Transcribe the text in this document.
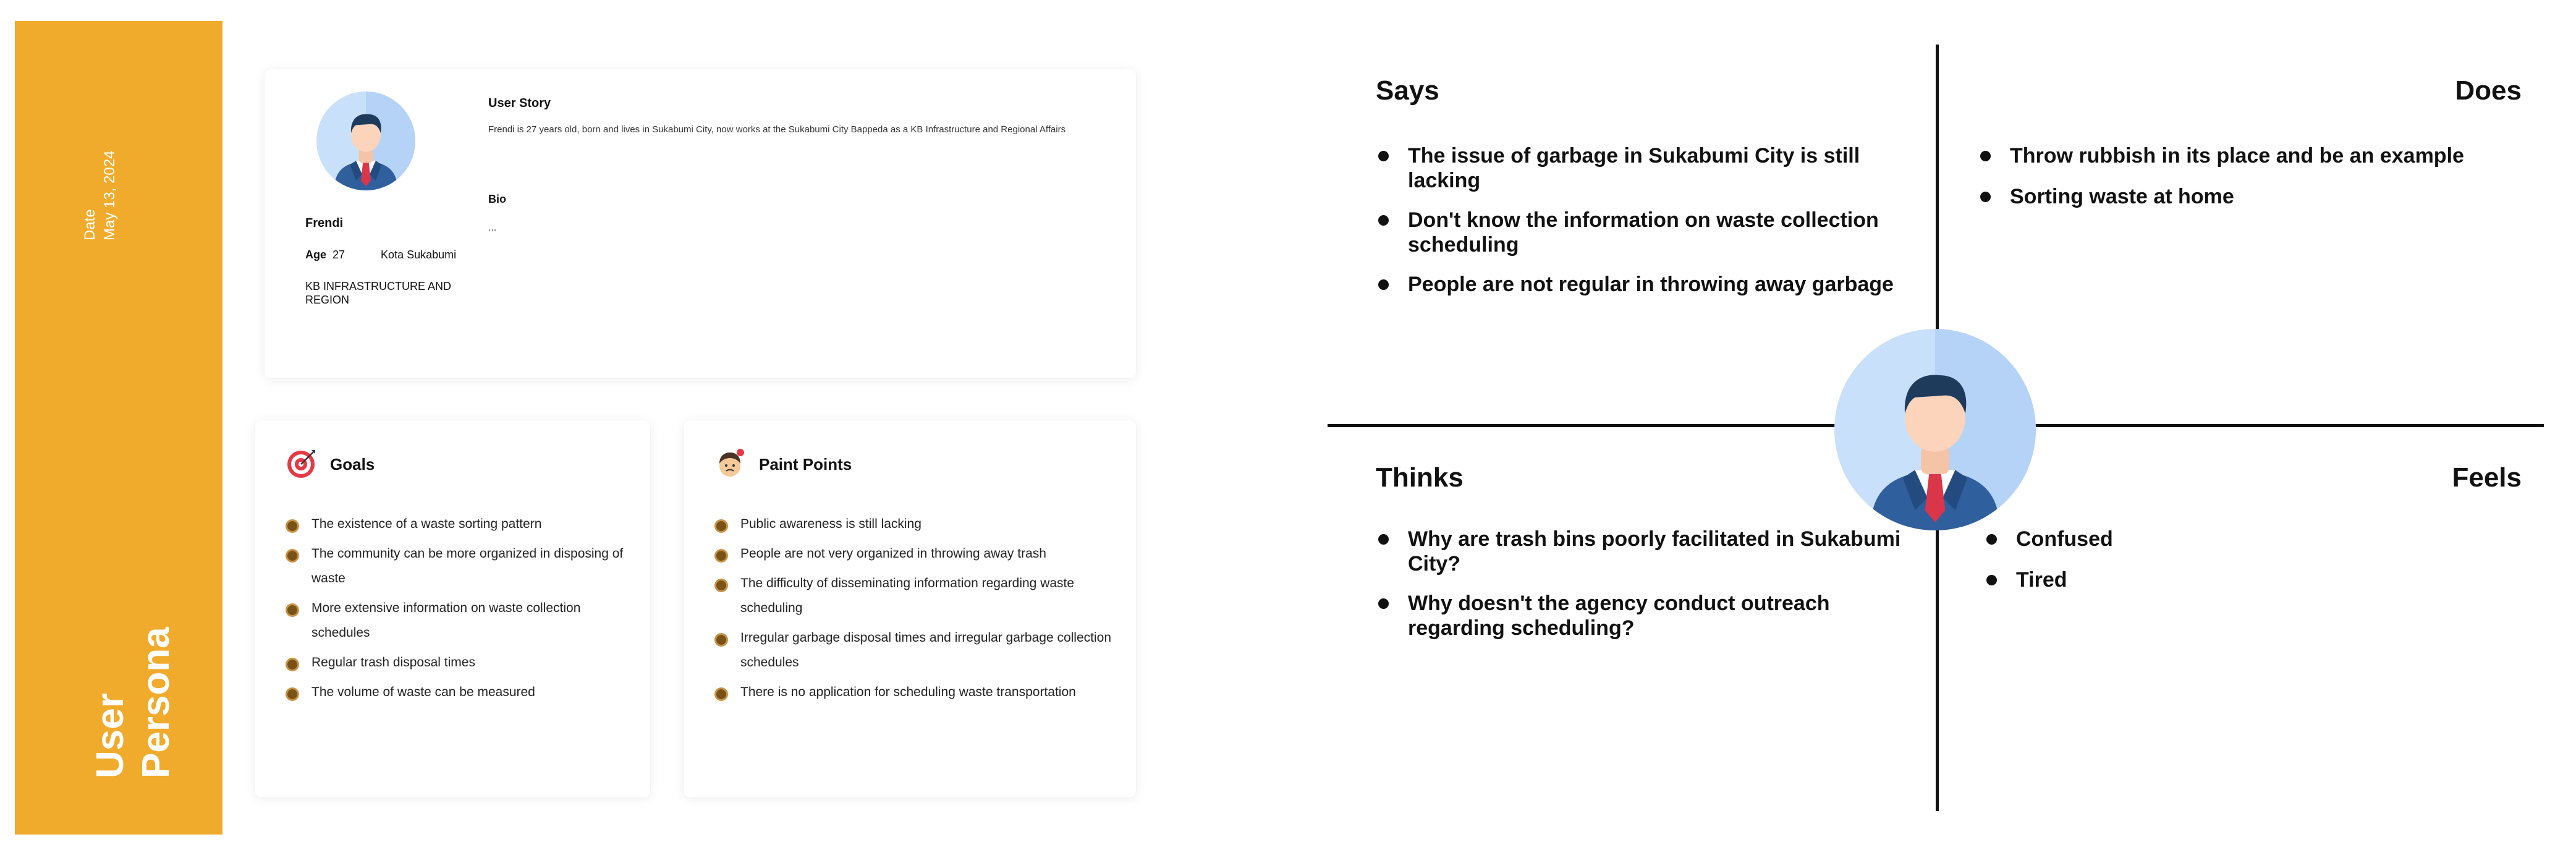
Date May 13, 2024
User Persona
Frendi
Age 27	Kota Sukabumi
KB INFRASTRUCTURE AND REGION
User Story
Frendi is 27 years old, born and lives in Sukabumi City, now works at the Sukabumi City Bappeda as a KB Infrastructure and Regional Affairs
Bio
...
Goals
The existence of a waste sorting pattern
The community can be more organized in disposing of waste
More extensive information on waste collection schedules
Regular trash disposal times
The volume of waste can be measured
Paint Points
Public awareness is still lacking
People are not very organized in throwing away trash
The difficulty of disseminating information regarding waste scheduling
Irregular garbage disposal times and irregular garbage collection schedules
There is no application for scheduling waste transportation
Says
The issue of garbage in Sukabumi City is still lacking
Don't know the information on waste collection scheduling
People are not regular in throwing away garbage
Does
Throw rubbish in its place and be an example
Sorting waste at home
Thinks
Why are trash bins poorly facilitated in Sukabumi City?
Why doesn't the agency conduct outreach regarding scheduling?
Feels
Confused
Tired
